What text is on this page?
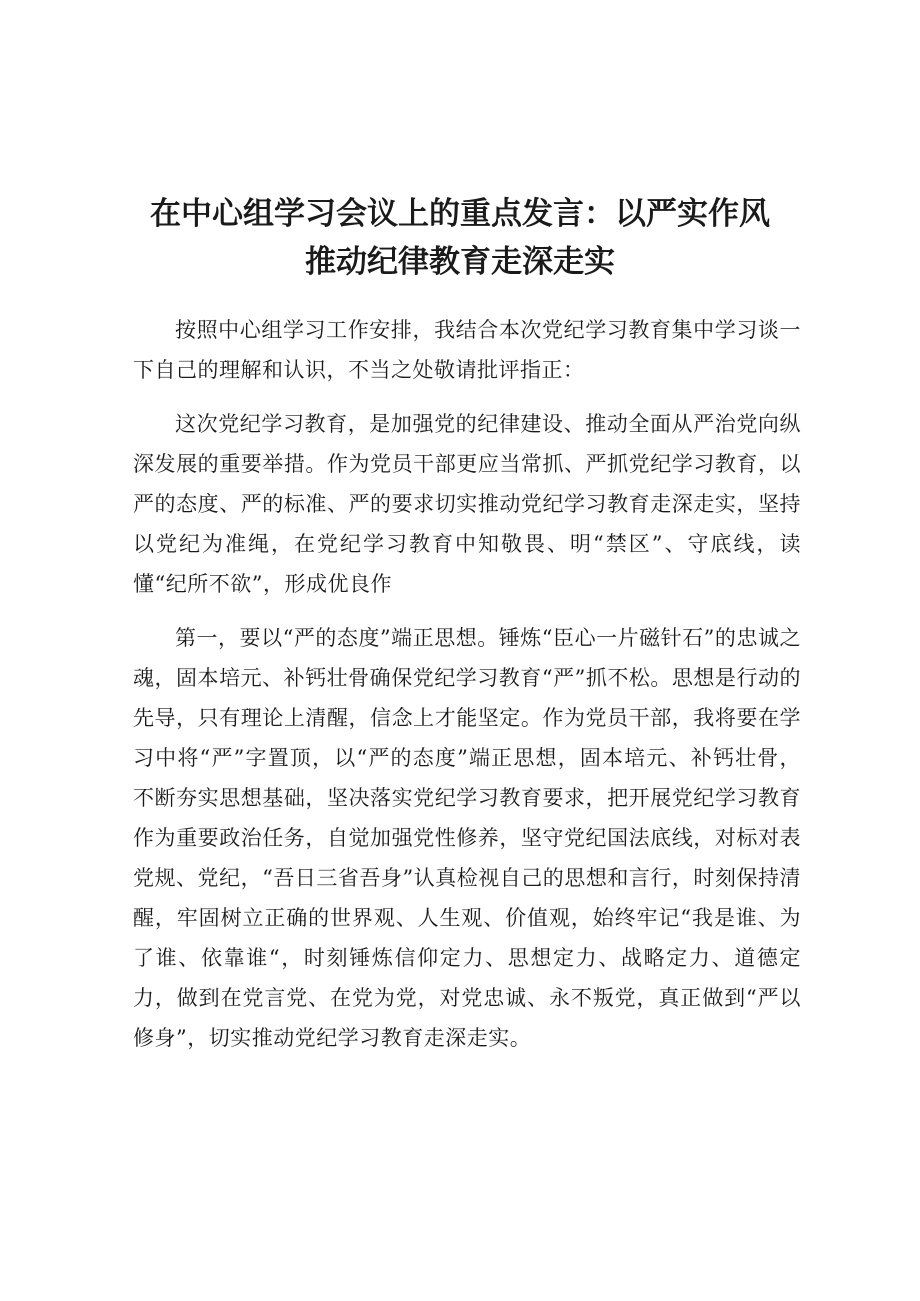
在中心组学习会议上的重点发言：以严实作风
推动纪律教育走深走实

按照中心组学习工作安排，我结合本次党纪学习教育集中学习谈一下自己的理解和认识，不当之处敬请批评指正：

这次党纪学习教育，是加强党的纪律建设、推动全面从严治党向纵深发展的重要举措。作为党员干部更应当常抓、严抓党纪学习教育，以严的态度、严的标准、严的要求切实推动党纪学习教育走深走实，坚持以党纪为准绳，在党纪学习教育中知敬畏、明“禁区”、守底线，读懂“纪所不欲”，形成优良作

第一，要以“严的态度”端正思想。锤炼“臣心一片磁针石”的忠诚之魂，固本培元、补钙壮骨确保党纪学习教育“严”抓不松。思想是行动的先导，只有理论上清醒，信念上才能坚定。作为党员干部，我将要在学习中将“严”字置顶，以“严的态度”端正思想，固本培元、补钙壮骨，不断夯实思想基础，坚决落实党纪学习教育要求，把开展党纪学习教育作为重要政治任务，自觉加强党性修养，坚守党纪国法底线，对标对表党规、党纪，“吾日三省吾身”认真检视自己的思想和言行，时刻保持清醒，牢固树立正确的世界观、人生观、价值观，始终牢记“我是谁、为了谁、依靠谁“，时刻锤炼信仰定力、思想定力、战略定力、道德定力，做到在党言党、在党为党，对党忠诚、永不叛党，真正做到“严以修身”，切实推动党纪学习教育走深走实。
